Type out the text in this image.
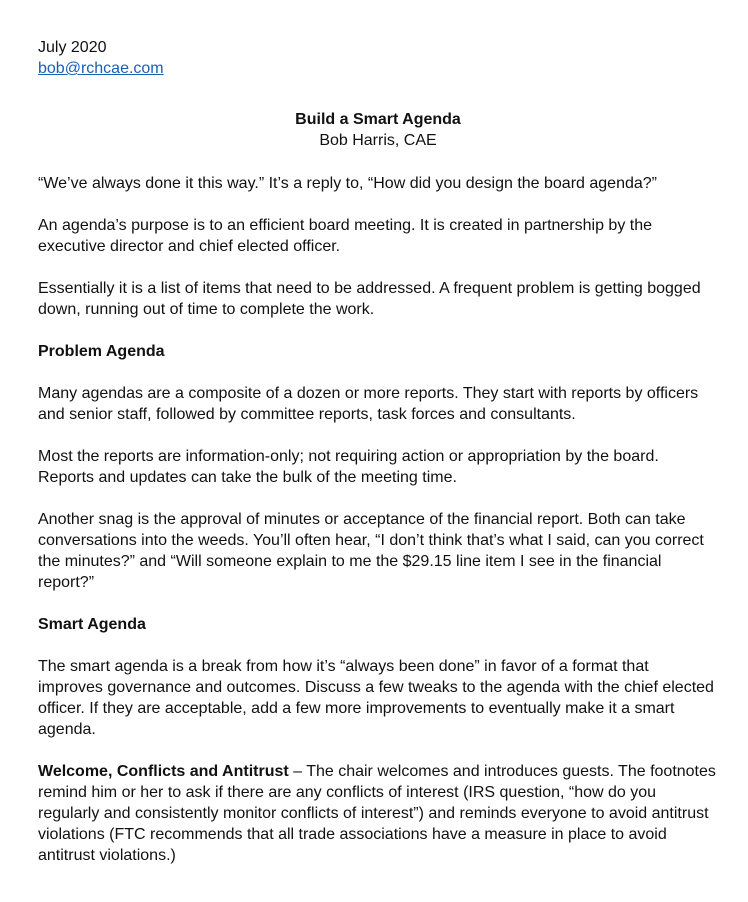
July 2020
bob@rchcae.com
Build a Smart Agenda
Bob Harris, CAE

“We’ve always done it this way.” It’s a reply to, “How did you design the board agenda?”

An agenda’s purpose is to an efficient board meeting. It is created in partnership by the executive director and chief elected officer.

Essentially it is a list of items that need to be addressed. A frequent problem is getting bogged down, running out of time to complete the work.

Problem Agenda

Many agendas are a composite of a dozen or more reports. They start with reports by officers and senior staff, followed by committee reports, task forces and consultants.

Most the reports are information-only; not requiring action or appropriation by the board. Reports and updates can take the bulk of the meeting time.

Another snag is the approval of minutes or acceptance of the financial report. Both can take conversations into the weeds. You’ll often hear, “I don’t think that’s what I said, can you correct the minutes?” and “Will someone explain to me the $29.15 line item I see in the financial report?”

Smart Agenda

The smart agenda is a break from how it’s “always been done” in favor of a format that improves governance and outcomes. Discuss a few tweaks to the agenda with the chief elected officer. If they are acceptable, add a few more improvements to eventually make it a smart agenda.

Welcome, Conflicts and Antitrust – The chair welcomes and introduces guests. The footnotes remind him or her to ask if there are any conflicts of interest (IRS question, “how do you regularly and consistently monitor conflicts of interest”) and reminds everyone to avoid antitrust violations (FTC recommends that all trade associations have a measure in place to avoid antitrust violations.)
